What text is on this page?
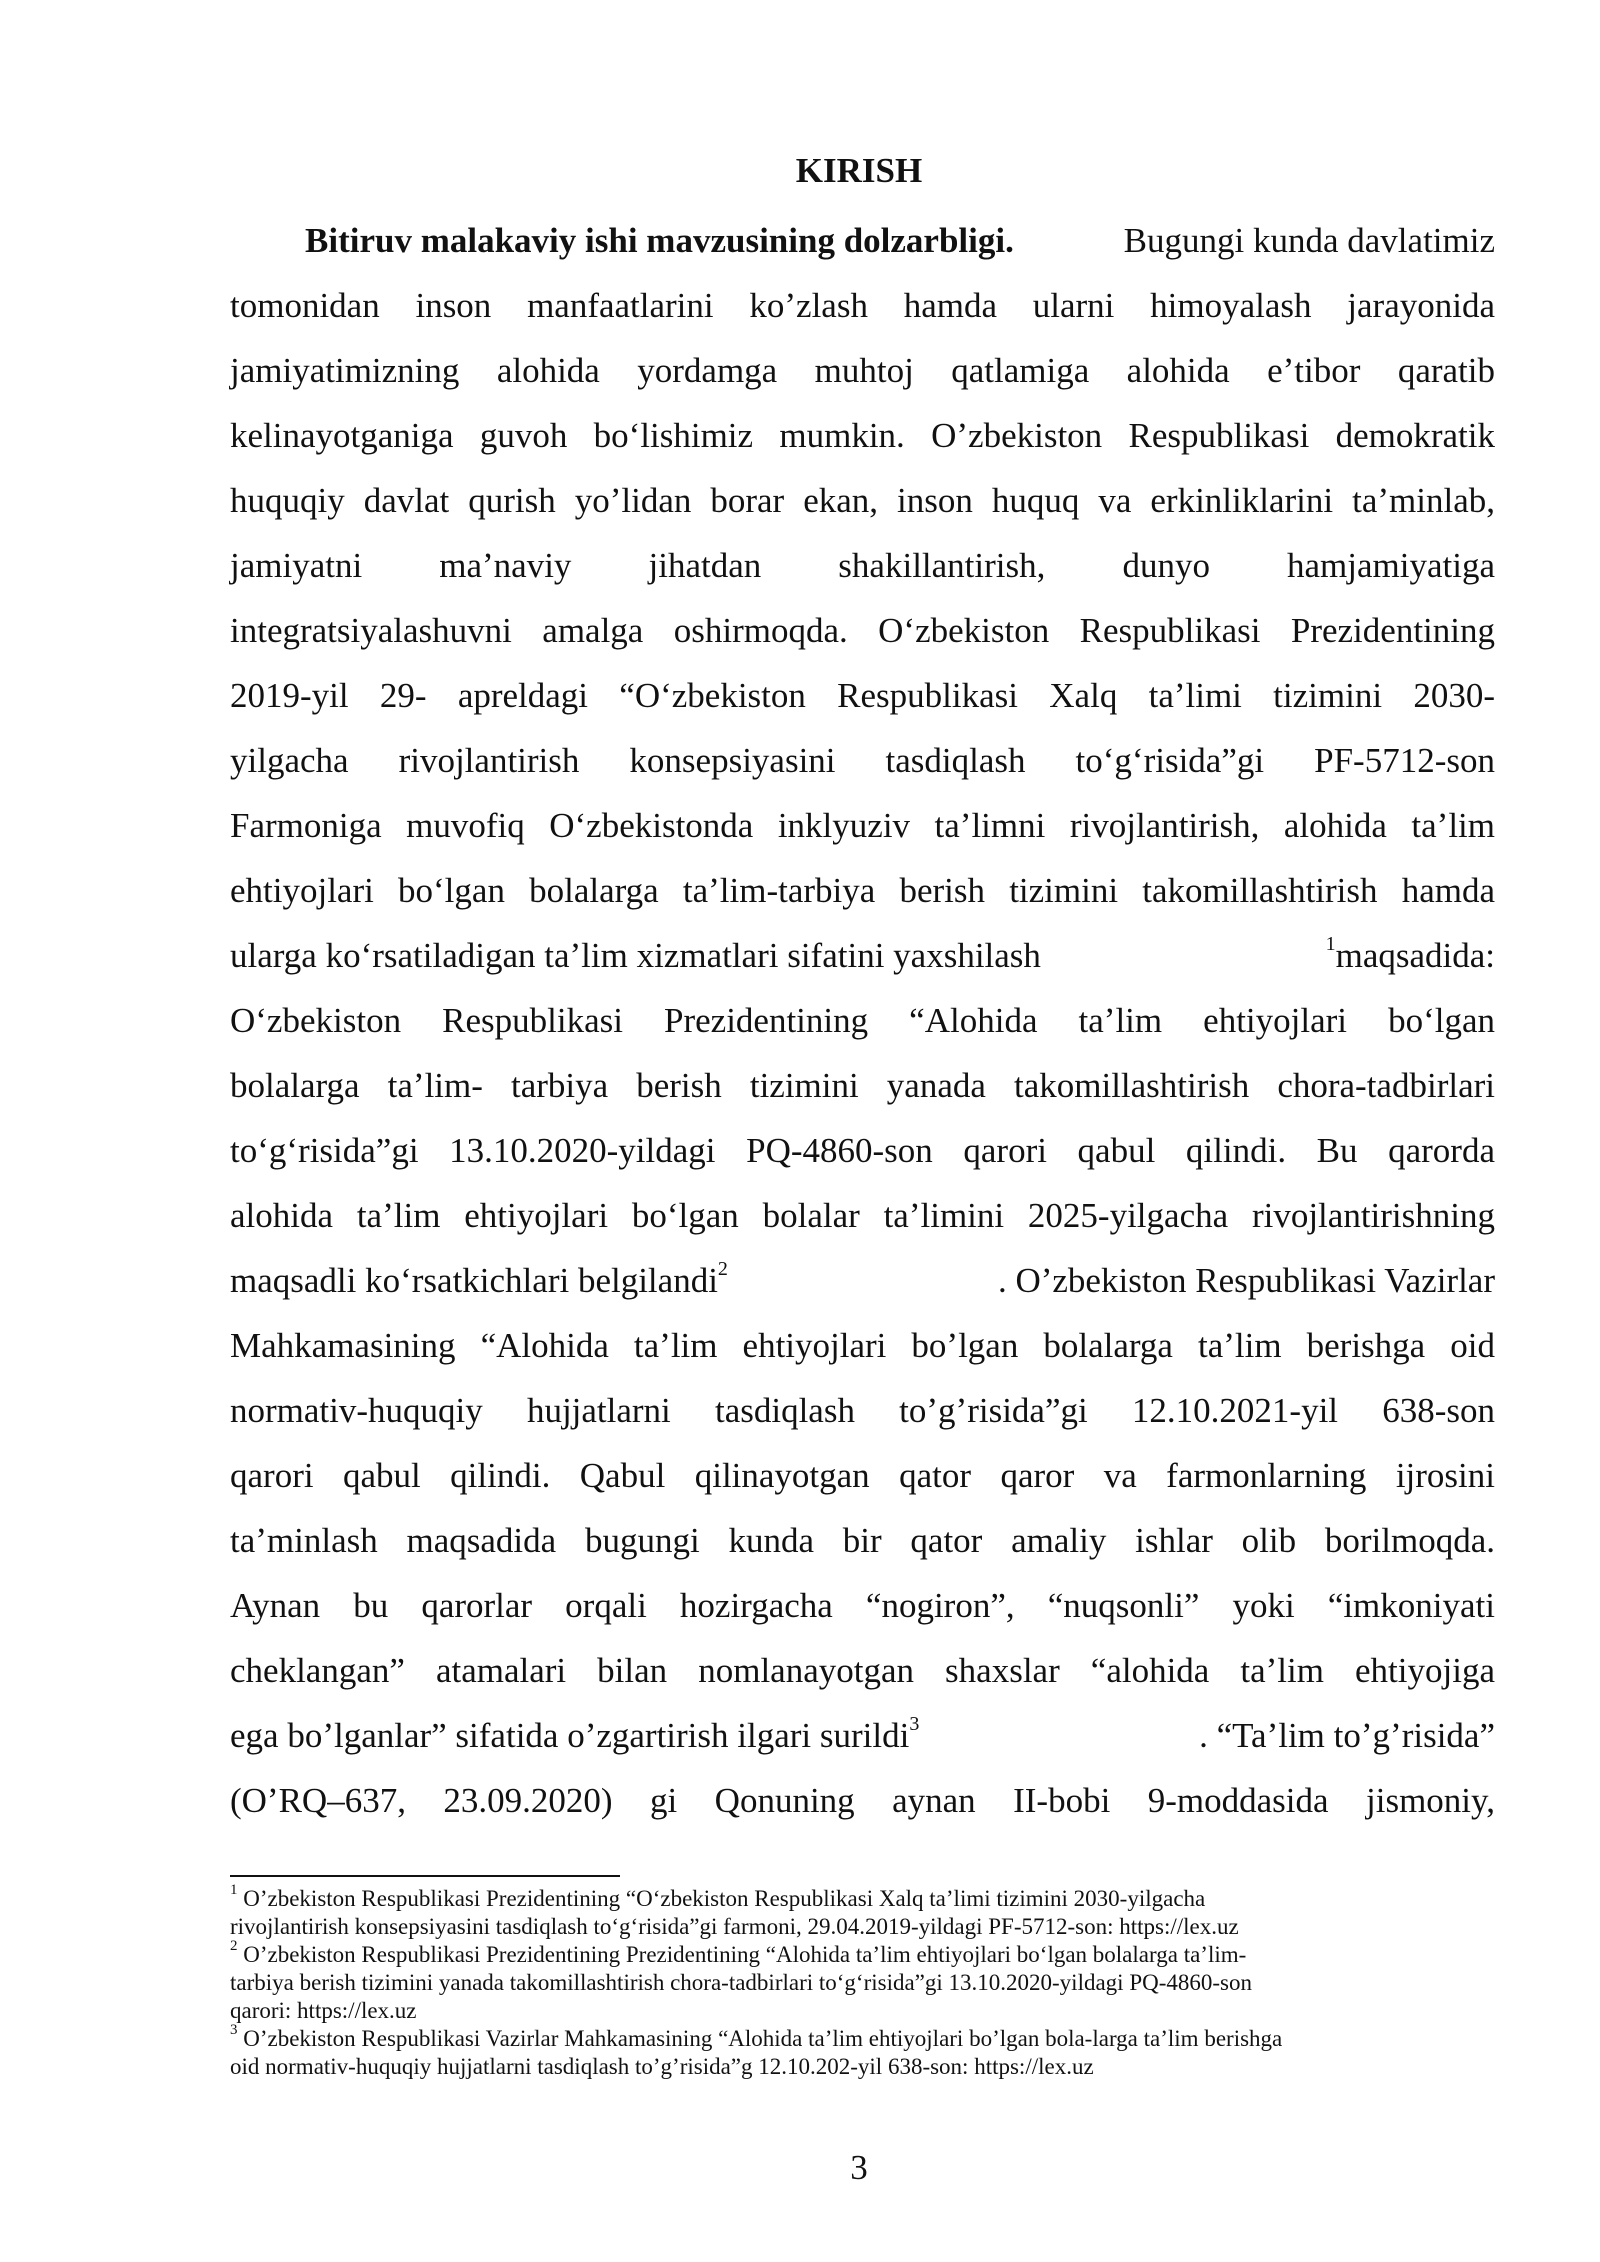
KIRISH
Bitiruv malakaviy ishi mavzusining dolzarbligi.	Bugungi kunda davlatimiz
tomonidan inson manfaatlarini koʼzlash hamda ularni himoyalash jarayonida
jamiyatimizning alohida yordamga muhtoj qatlamiga alohida eʼtibor qaratib
kelinayotganiga guvoh boʻlishimiz mumkin. Oʼzbekiston Respublikasi demokratik
huquqiy davlat qurish yoʼlidan borar ekan, inson huquq va erkinliklarini taʼminlab,
jamiyatni maʼnaviy jihatdan shakillantirish, dunyo hamjamiyatiga
integratsiyalashuvni amalga oshirmoqda. Oʻzbekiston Respublikasi Prezidentining
2019-yil 29- apreldagi “Oʻzbekiston Respublikasi Xalq taʼlimi tizimini 2030-
yilgacha rivojlantirish konsepsiyasini tasdiqlash toʻgʻrisida”gi PF-5712-son
Farmoniga muvofiq Oʻzbekistonda inklyuziv taʼlimni rivojlantirish, alohida taʼlim
ehtiyojlari boʻlgan bolalarga taʼlim-tarbiya berish tizimini takomillashtirish hamda
ularga koʻrsatiladigan taʼlim xizmatlari sifatini yaxshilash	$^1$maqsadida:
Oʻzbekiston Respublikasi Prezidentining “Alohida taʼlim ehtiyojlari boʻlgan
bolalarga taʼlim- tarbiya berish tizimini yanada takomillashtirish chora-tadbirlari
toʻgʻrisida”gi 13.10.2020-yildagi PQ-4860-son qarori qabul qilindi. Bu qarorda
alohida taʼlim ehtiyojlari boʻlgan bolalar taʼlimini 2025-yilgacha rivojlantirishning
maqsadli koʻrsatkichlari belgilandi$^2$	. Oʼzbekiston Respublikasi Vazirlar
Mahkamasining “Alohida taʼlim ehtiyojlari boʼlgan bolalarga taʼlim berishga oid
normativ-huquqiy hujjatlarni tasdiqlash toʼgʼrisida”gi 12.10.2021-yil 638-son
qarori qabul qilindi. Qabul qilinayotgan qator qaror va farmonlarning ijrosini
taʼminlash maqsadida bugungi kunda bir qator amaliy ishlar olib borilmoqda.
Aynan bu qarorlar orqali hozirgacha “nogiron”, “nuqsonli” yoki “imkoniyati
cheklangan” atamalari bilan nomlanayotgan shaxslar “alohida taʼlim ehtiyojiga
ega boʼlganlar” sifatida oʼzgartirish ilgari surildi$^3$	. “Taʼlim toʼgʼrisida”
(OʼRQ–637, 23.09.2020) gi Qonuning aynan II-bobi 9-moddasida jismoniy,
$^1$ Oʼzbekiston Respublikasi Prezidentining “Oʻzbekiston Respublikasi Xalq taʼlimi tizimini 2030-yilgacha
rivojlantirish konsepsiyasini tasdiqlash toʻgʻrisida”gi farmoni, 29.04.2019-yildagi PF-5712-son: https://lex.uz
$^2$ Oʼzbekiston Respublikasi Prezidentining Prezidentining “Alohida taʼlim ehtiyojlari boʻlgan bolalarga taʼlim-
tarbiya berish tizimini yanada takomillashtirish chora-tadbirlari toʻgʻrisida”gi 13.10.2020-yildagi PQ-4860-son
qarori: https://lex.uz
$^3$ Oʼzbekiston Respublikasi Vazirlar Mahkamasining “Alohida taʼlim ehtiyojlari boʼlgan bola-larga taʼlim berishga
oid normativ-huquqiy hujjatlarni tasdiqlash toʼgʼrisida”g 12.10.202-yil 638-son: https://lex.uz
3
